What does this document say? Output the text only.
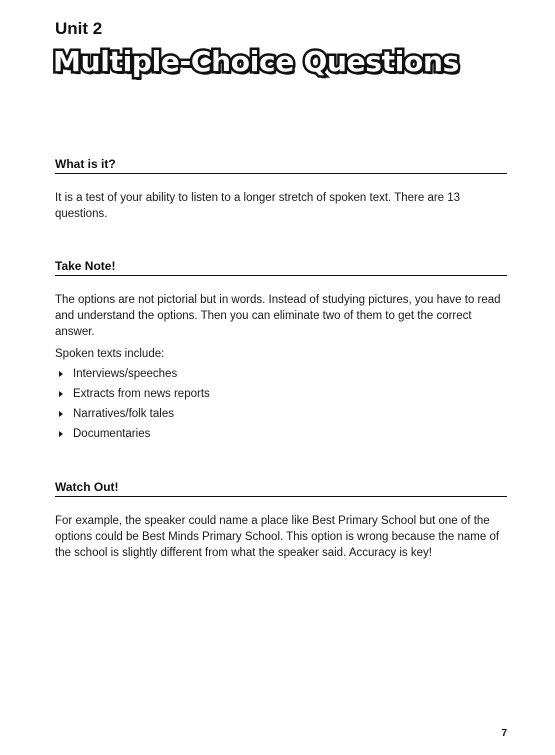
Unit 2
Multiple-Choice Questions
What is it?

It is a test of your ability to listen to a longer stretch of spoken text. There are 13 questions.

Take Note!

The options are not pictorial but in words. Instead of studying pictures, you have to read and understand the options. Then you can eliminate two of them to get the correct answer.

Spoken texts include:

Interviews/speeches
Extracts from news reports
Narratives/folk tales
Documentaries
Watch Out!

For example, the speaker could name a place like Best Primary School but one of the options could be Best Minds Primary School. This option is wrong because the name of the school is slightly different from what the speaker said. Accuracy is key!

7
